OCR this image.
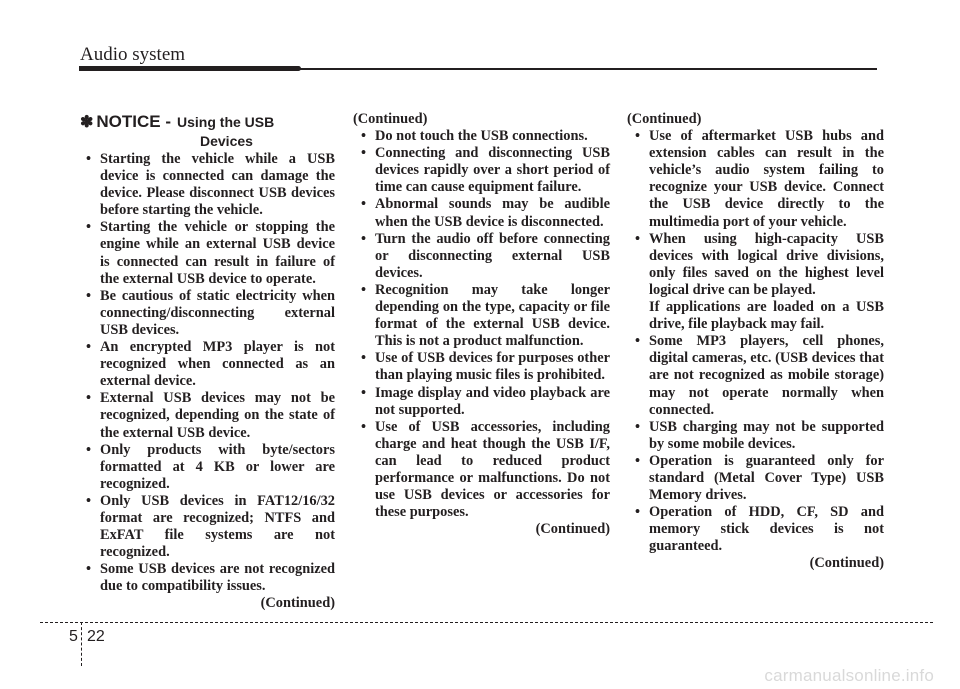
Audio system
✽ NOTICE - Using the USB
Devices
• Starting the vehicle while a USB device is connected can damage the device. Please disconnect USB devices before starting the vehicle.
• Starting the vehicle or stopping the engine while an external USB device is connected can result in failure of the external USB device to operate.
• Be cautious of static electricity when connecting/disconnecting external USB devices.
• An encrypted MP3 player is not recognized when connected as an external device.
• External USB devices may not be recognized, depending on the state of the external USB device.
• Only products with byte/sectors formatted at 4 KB or lower are recognized.
• Only USB devices in FAT12/16/32 format are recognized; NTFS and ExFAT file systems are not recognized.
• Some USB devices are not recognized due to compatibility issues.

(Continued)

(Continued)

• Do not touch the USB connections.
• Connecting and disconnecting USB devices rapidly over a short period of time can cause equipment failure.
• Abnormal sounds may be audible when the USB device is disconnected.
• Turn the audio off before connecting or disconnecting external USB devices.
• Recognition may take longer depending on the type, capacity or file format of the external USB device. This is not a product malfunction.
• Use of USB devices for purposes other than playing music files is prohibited.
• Image display and video playback are not supported.
• Use of USB accessories, including charge and heat though the USB I/F, can lead to reduced product performance or malfunctions. Do not use USB devices or accessories for these purposes.

(Continued)

(Continued)

• Use of aftermarket USB hubs and extension cables can result in the vehicle’s audio system failing to recognize your USB device. Connect the USB device directly to the multimedia port of your vehicle.
• When using high-capacity USB devices with logical drive divisions, only files saved on the highest level logical drive can be played.
If applications are loaded on a USB drive, file playback may fail.
• Some MP3 players, cell phones, digital cameras, etc. (USB devices that are not recognized as mobile storage) may not operate normally when connected.
• USB charging may not be supported by some mobile devices.
• Operation is guaranteed only for standard (Metal Cover Type) USB Memory drives.
• Operation of HDD, CF, SD and memory stick devices is not guaranteed.

(Continued)

5 22
carmanualsonline.info
